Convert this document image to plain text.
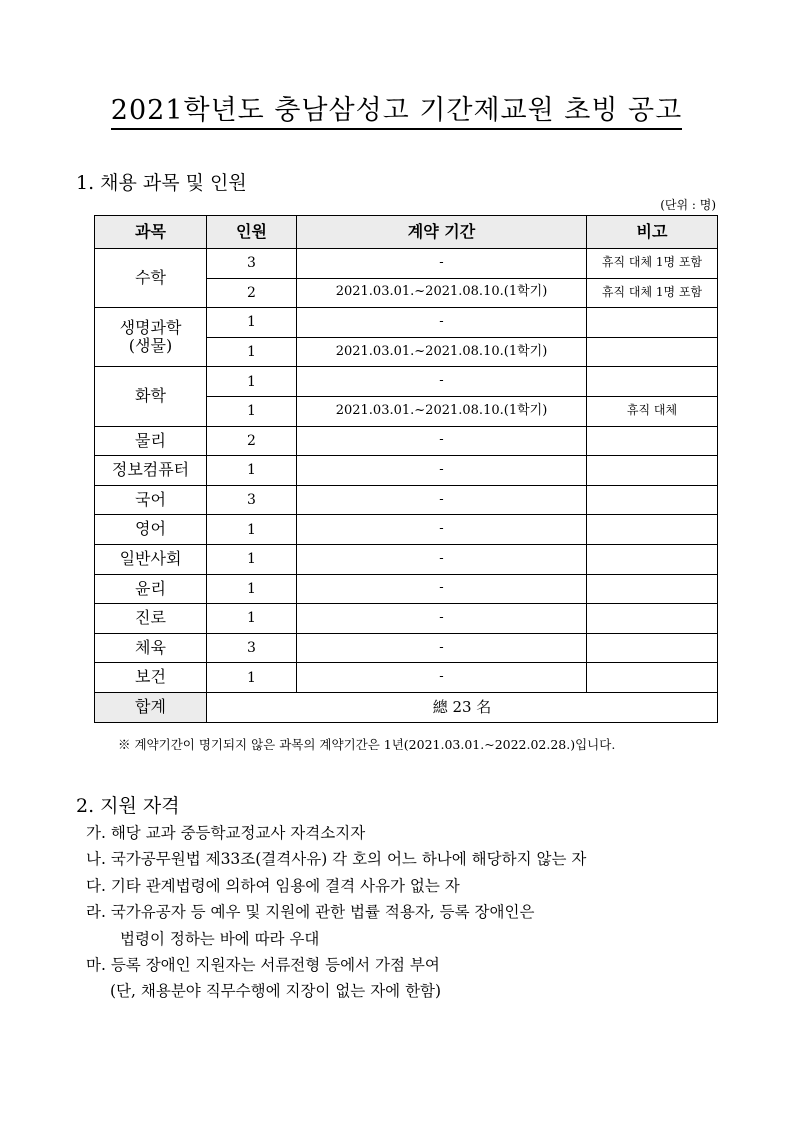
2021학년도 충남삼성고 기간제교원 초빙 공고
1. 채용 과목 및 인원
(단위 : 명)
과목	인원	계약 기간	비고
수학	3	-	휴직 대체 1명 포함
	2	2021.03.01.~2021.08.10.(1학기)	휴직 대체 1명 포함
생명과학
(생물)	1	-	
	1	2021.03.01.~2021.08.10.(1학기)	
화학	1	-	
	1	2021.03.01.~2021.08.10.(1학기)	휴직 대체
물리	2	-	
정보컴퓨터	1	-	
국어	3	-	
영어	1	-	
일반사회	1	-	
윤리	1	-	
진로	1	-	
체육	3	-	
보건	1	-	
합계	總 23 名		
※ 계약기간이 명기되지 않은 과목의 계약기간은 1년(2021.03.01.~2022.02.28.)입니다.
2. 지원 자격
가. 해당 교과 중등학교정교사 자격소지자
나. 국가공무원법 제33조(결격사유) 각 호의 어느 하나에 해당하지 않는 자
다. 기타 관계법령에 의하여 임용에 결격 사유가 없는 자
라. 국가유공자 등 예우 및 지원에 관한 법률 적용자, 등록 장애인은
법령이 정하는 바에 따라 우대
마. 등록 장애인 지원자는 서류전형 등에서 가점 부여
(단, 채용분야 직무수행에 지장이 없는 자에 한함)
